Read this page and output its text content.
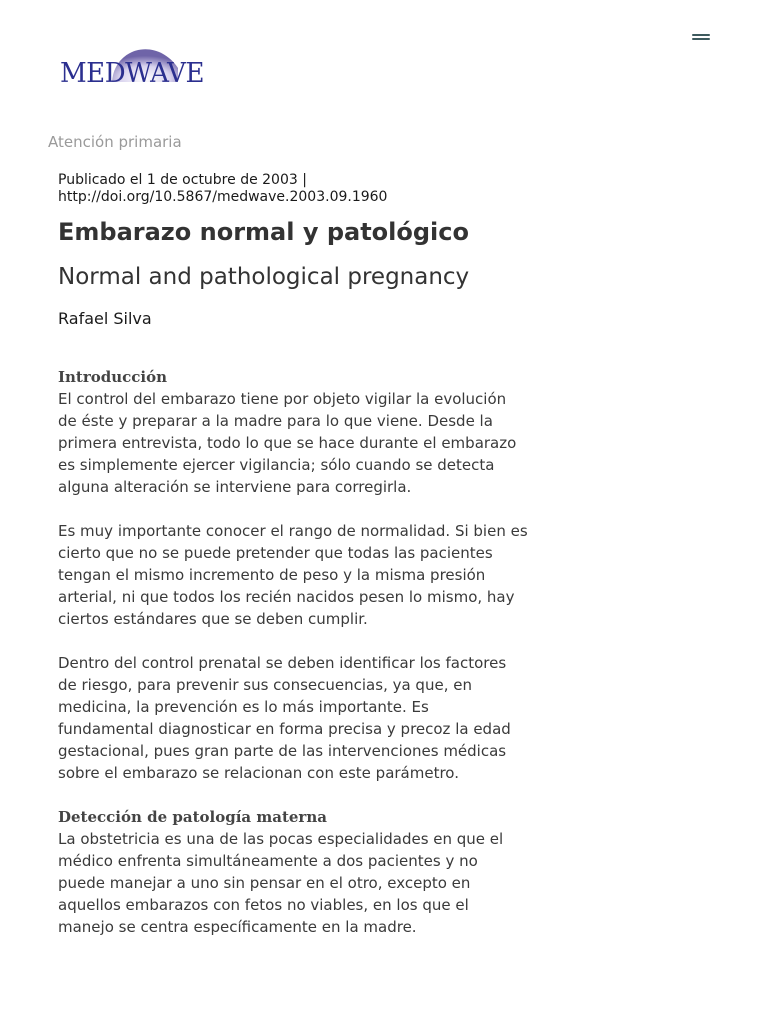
MEDWAVE
Atención primaria
Publicado el 1 de octubre de 2003 |
http://doi.org/10.5867/medwave.2003.09.1960
Embarazo normal y patológico
Normal and pathological pregnancy
Rafael Silva
Introducción

El control del embarazo tiene por objeto vigilar la evolución de éste y preparar a la madre para lo que viene. Desde la primera entrevista, todo lo que se hace durante el embarazo es simplemente ejercer vigilancia; sólo cuando se detecta alguna alteración se interviene para corregirla.

Es muy importante conocer el rango de normalidad. Si bien es cierto que no se puede pretender que todas las pacientes tengan el mismo incremento de peso y la misma presión arterial, ni que todos los recién nacidos pesen lo mismo, hay ciertos estándares que se deben cumplir.

Dentro del control prenatal se deben identificar los factores de riesgo, para prevenir sus consecuencias, ya que, en medicina, la prevención es lo más importante. Es fundamental diagnosticar en forma precisa y precoz la edad gestacional, pues gran parte de las intervenciones médicas sobre el embarazo se relacionan con este parámetro.

Detección de patología materna

La obstetricia es una de las pocas especialidades en que el médico enfrenta simultáneamente a dos pacientes y no puede manejar a uno sin pensar en el otro, excepto en aquellos embarazos con fetos no viables, en los que el manejo se centra específicamente en la madre.
